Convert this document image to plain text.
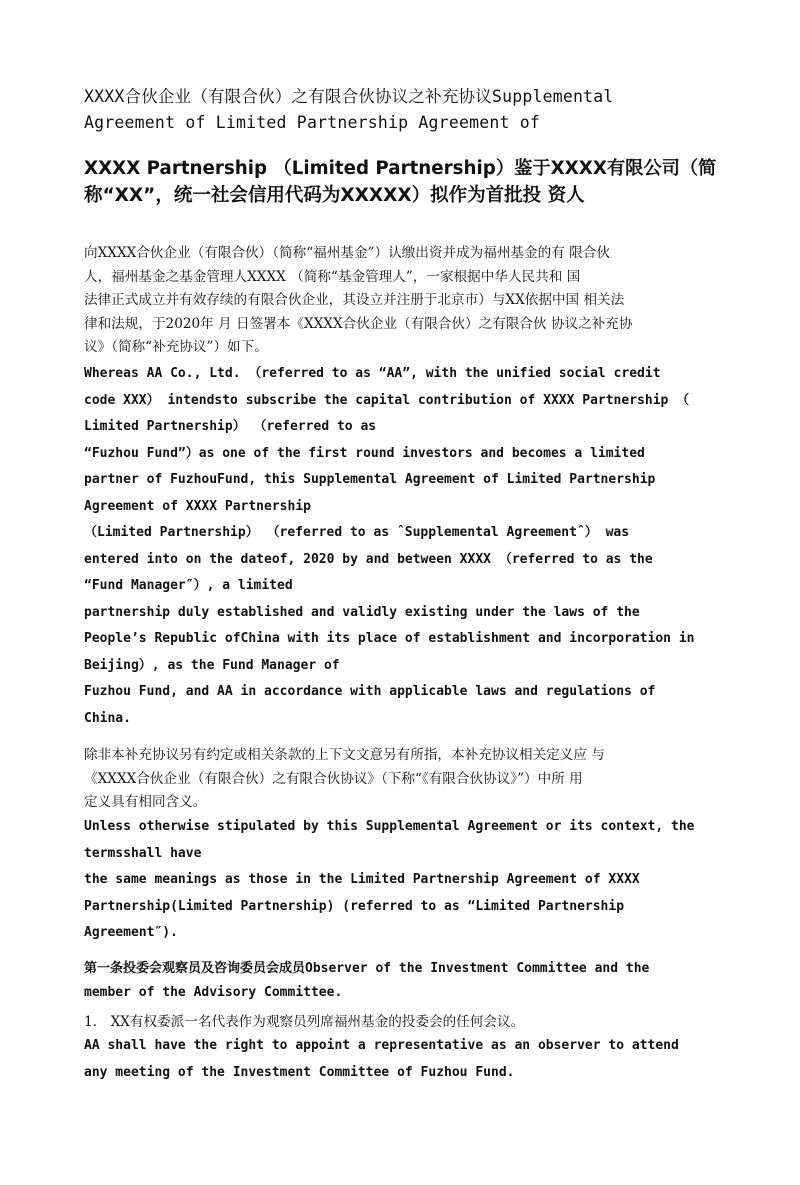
XXXX合伙企业（有限合伙）之有限合伙协议之补充协议Supplemental
Agreement of Limited Partnership Agreement of
XXXX Partnership （Limited Partnership）鉴于XXXX有限公司（简
称“XX”，统一社会信用代码为XXXXX）拟作为首批投 资人
向XXXX合伙企业（有限合伙）（简称“福州基金”）认缴出资并成为福州基金的有 限合伙
人，福州基金之基金管理人XXXX （简称“基金管理人”，一家根据中华人民共和 国
法律正式成立并有效存续的有限合伙企业，其设立并注册于北京市）与XX依据中国 相关法
律和法规，于2020年 月 日签署本《XXXX合伙企业（有限合伙）之有限合伙 协议之补充协
议》（简称“补充协议”）如下。
Whereas AA Co., Ltd. （referred to as “AA”, with the unified social credit
code XXX） intendsto subscribe the capital contribution of XXXX Partnership （
Limited Partnership） （referred to as
“Fuzhou Fund”）as one of the first round investors and becomes a limited
partner of FuzhouFund, this Supplemental Agreement of Limited Partnership
Agreement of XXXX Partnership
（Limited Partnership） （referred to as ˆSupplemental Agreementˆ） was
entered into on the dateof, 2020 by and between XXXX （referred to as the
“Fund Manager″）, a limited
partnership duly established and validly existing under the laws of the
People’s Republic ofChina with its place of establishment and incorporation in
Beijing）, as the Fund Manager of
Fuzhou Fund, and AA in accordance with applicable laws and regulations of
China.
除非本补充协议另有约定或相关条款的上下文文意另有所指，本补充协议相关定义应 与
《XXXX合伙企业（有限合伙）之有限合伙协议》（下称“《有限合伙协议》”）中所 用
定义具有相同含义。
Unless otherwise stipulated by this Supplemental Agreement or its context, the
termsshall have
the same meanings as those in the Limited Partnership Agreement of XXXX
Partnership(Limited Partnership) (referred to as “Limited Partnership
Agreement″).
第一条投委会观察员及咨询委员会成员Observer of the Investment Committee and the
member of the Advisory Committee.
1． XX有权委派一名代表作为观察员列席福州基金的投委会的任何会议。
AA shall have the right to appoint a representative as an observer to attend
any meeting of the Investment Committee of Fuzhou Fund.
